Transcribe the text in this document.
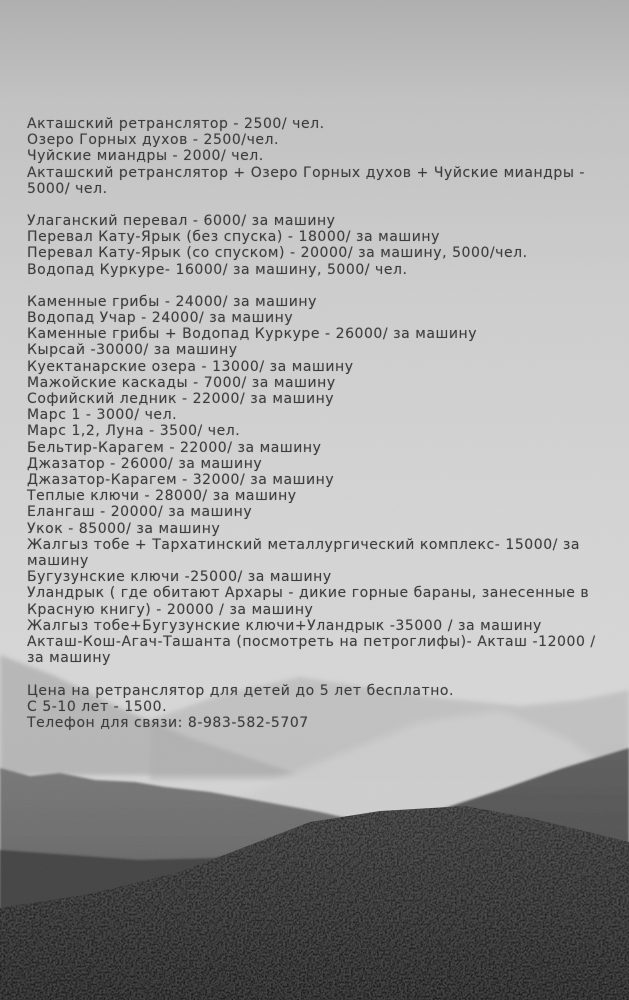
Акташский ретранслятор - 2500/ чел.

Озеро Горных духов - 2500/чел.

Чуйские миандры - 2000/ чел.

Акташский ретранслятор + Озеро Горных духов + Чуйские миандры - 5000/ чел.

Улаганский перевал - 6000/ за машину

Перевал Кату-Ярык (без спуска) - 18000/ за машину

Перевал Кату-Ярык (со спуском) - 20000/ за машину, 5000/чел.

Водопад Куркуре- 16000/ за машину, 5000/ чел.

Каменные грибы - 24000/ за машину

Водопад Учар - 24000/ за машину

Каменные грибы + Водопад Куркуре - 26000/ за машину

Кырсай -30000/ за машину

Куектанарские озера - 13000/ за машину

Мажойские каскады - 7000/ за машину

Софийский ледник - 22000/ за машину

Марс 1 - 3000/ чел.

Марс 1,2, Луна - 3500/ чел.

Бельтир-Карагем - 22000/ за машину

Джазатор - 26000/ за машину

Джазатор-Карагем - 32000/ за машину

Теплые ключи - 28000/ за машину

Елангаш - 20000/ за машину

Укок - 85000/ за машину

Жалгыз тобе + Тархатинский металлургический комплекс- 15000/ за машину

Бугузунские ключи -25000/ за машину

Уландрык ( где обитают Архары - дикие горные бараны, занесенные в Красную книгу) - 20000 / за машину

Жалгыз тобе+Бугузунские ключи+Уландрык -35000 / за машину

Акташ-Кош-Агач-Ташанта (посмотреть на петроглифы)- Акташ -12000 / за машину

Цена на ретранслятор для детей до 5 лет бесплатно.

С 5-10 лет - 1500.

Телефон для связи: 8-983-582-5707
